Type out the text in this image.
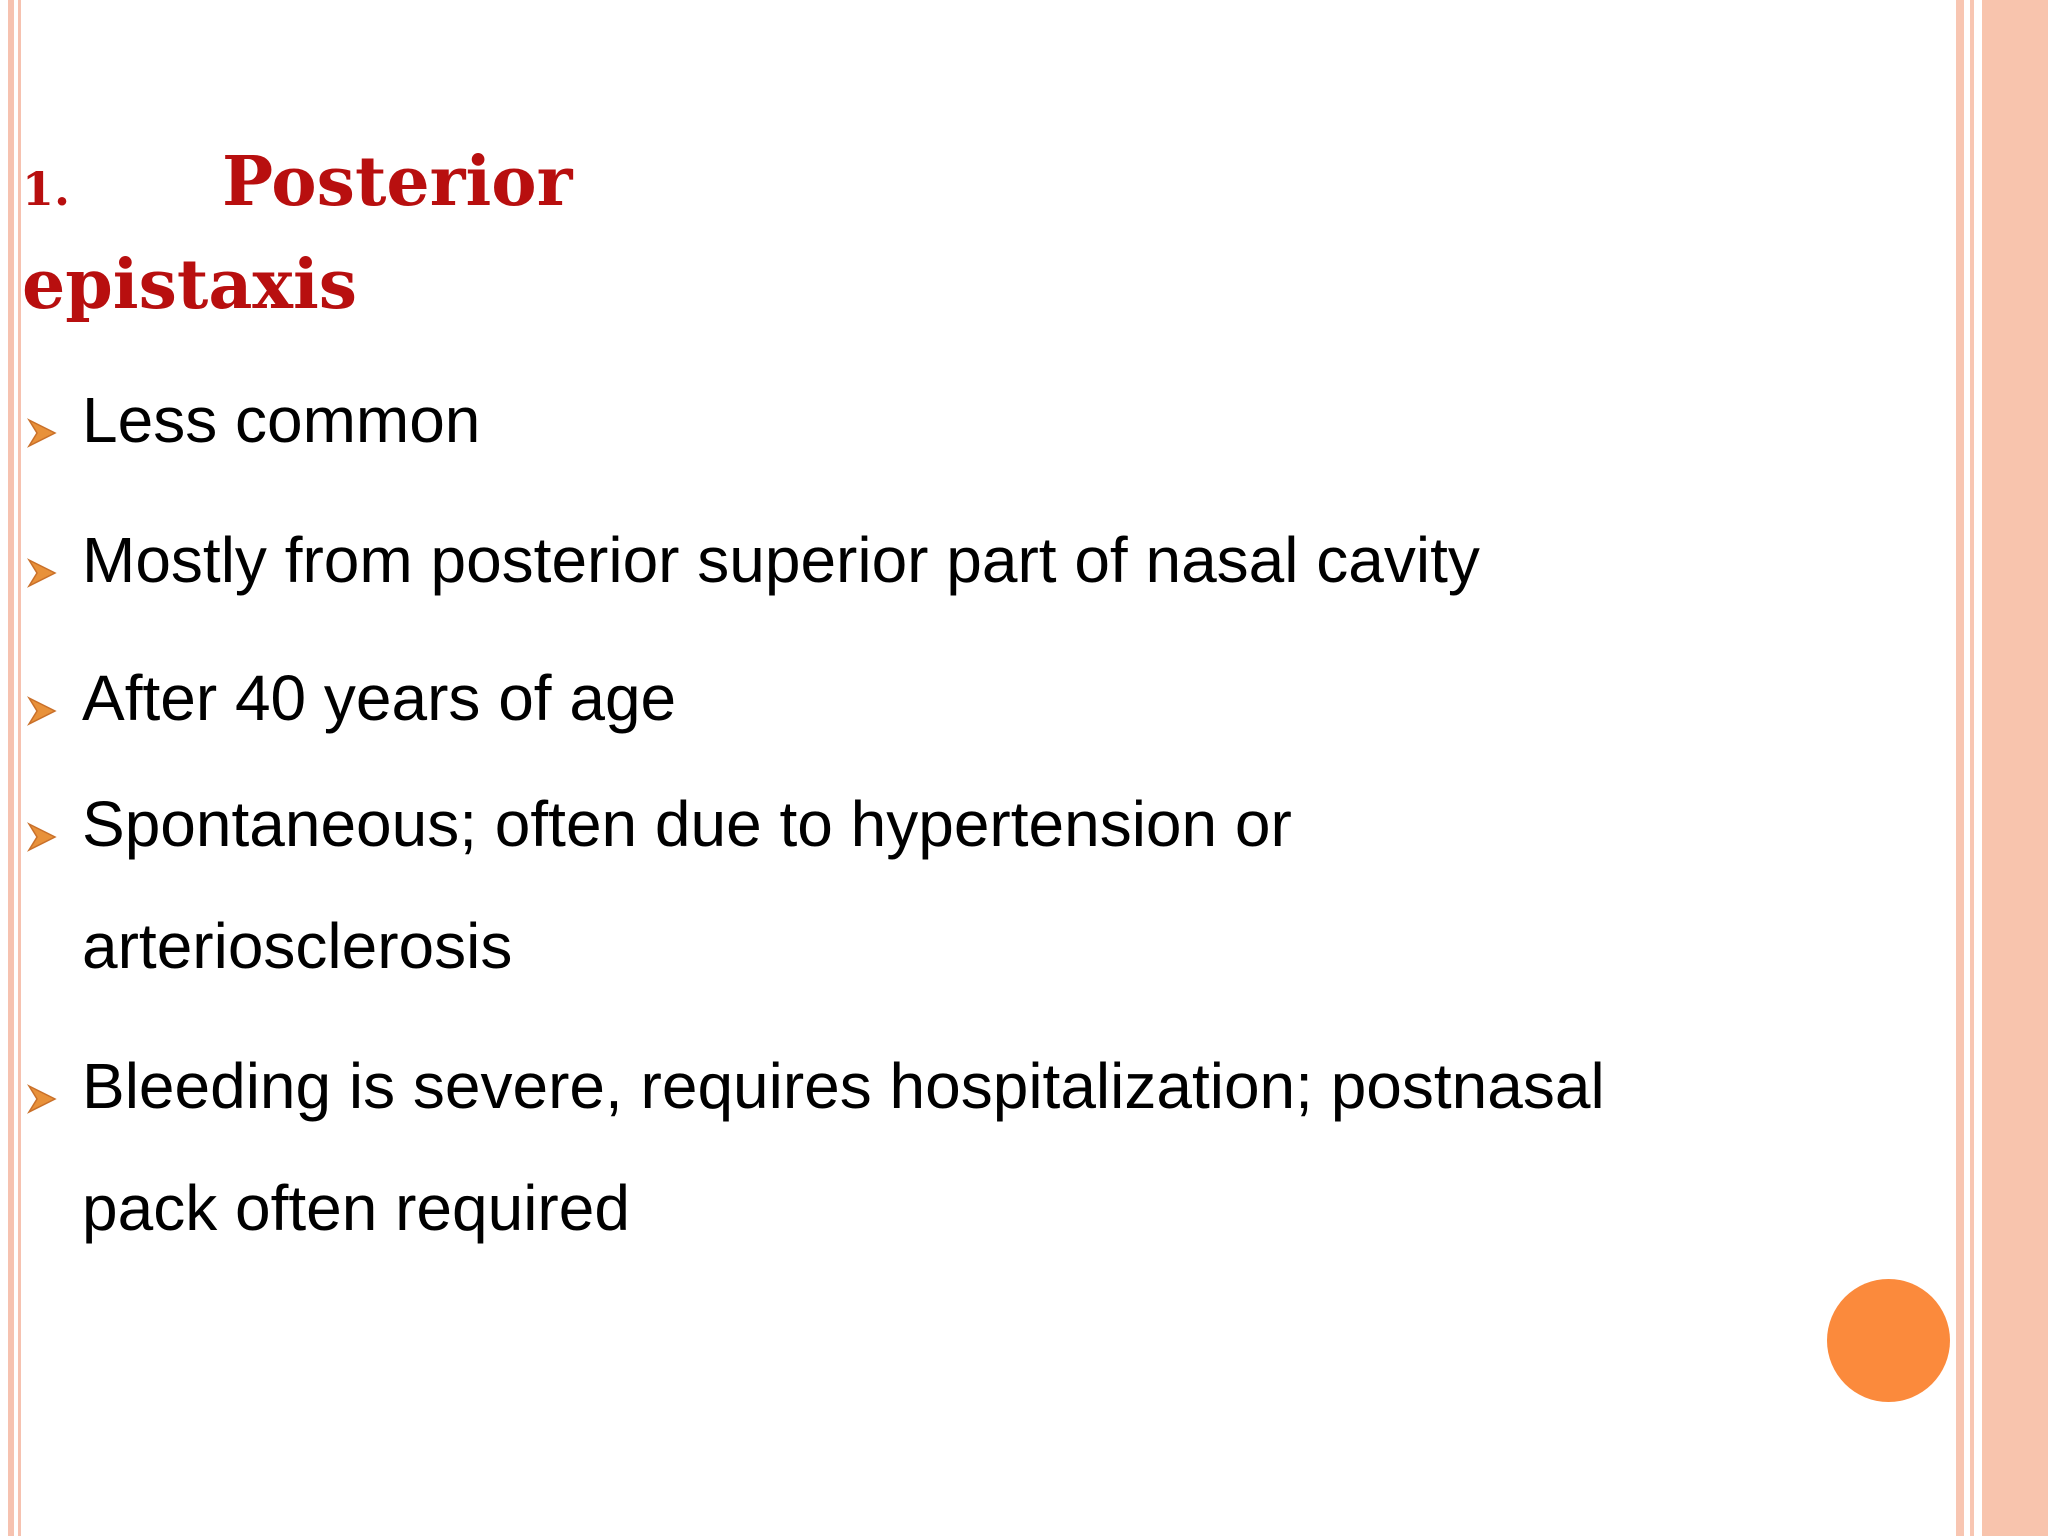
1. Posterior epistaxis
Less common
Mostly from posterior superior part of nasal cavity
After 40 years of age
Spontaneous; often due to hypertension or
arteriosclerosis
Bleeding is severe, requires hospitalization; postnasal
pack often required
